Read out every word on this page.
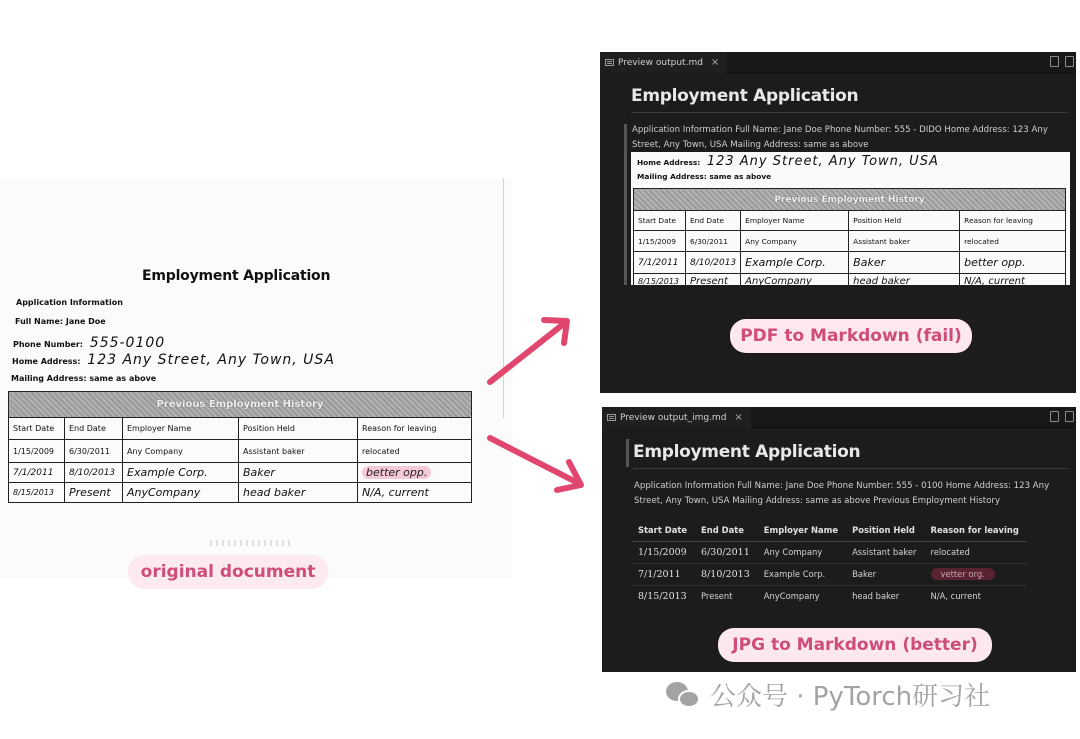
Employment Application
Application Information
Full Name: Jane Doe
Phone Number: 555-0100
Home Address: 123 Any Street, Any Town, USA
Mailing Address: same as above
Previous Employment History				
Start Date	End Date	Employer Name	Position Held	Reason for leaving
1/15/2009	6/30/2011	Any Company	Assistant baker	relocated
7/1/2011	8/10/2013	Example Corp.	Baker	better opp.
8/15/2013	Present	AnyCompany	head baker	N/A, current
original document
Preview output.md ×
Employment Application
Application Information Full Name: Jane Doe Phone Number: 555 - DIDO Home Address: 123 Any Street, Any Town, USA Mailing Address: same as above
Home Address: 123 Any Street, Any Town, USA
Mailing Address: same as above
Previous Employment History				
Start Date	End Date	Employer Name	Position Held	Reason for leaving
1/15/2009	6/30/2011	Any Company	Assistant baker	relocated
7/1/2011	8/10/2013	Example Corp.	Baker	better opp.
8/15/2013	Present	AnyCompany	head baker	N/A, current
PDF to Markdown (fail)
Preview output_img.md ×
Employment Application
Application Information Full Name: Jane Doe Phone Number: 555 - 0100 Home Address: 123 Any Street, Any Town, USA Mailing Address: same as above Previous Employment History
Start Date	End Date	Employer Name	Position Held	Reason for leaving
1/15/2009	6/30/2011	Any Company	Assistant baker	relocated
7/1/2011	8/10/2013	Example Corp.	Baker	vetter org.
8/15/2013	Present	AnyCompany	head baker	N/A, current
JPG to Markdown (better)
公众号 · PyTorch研习社
